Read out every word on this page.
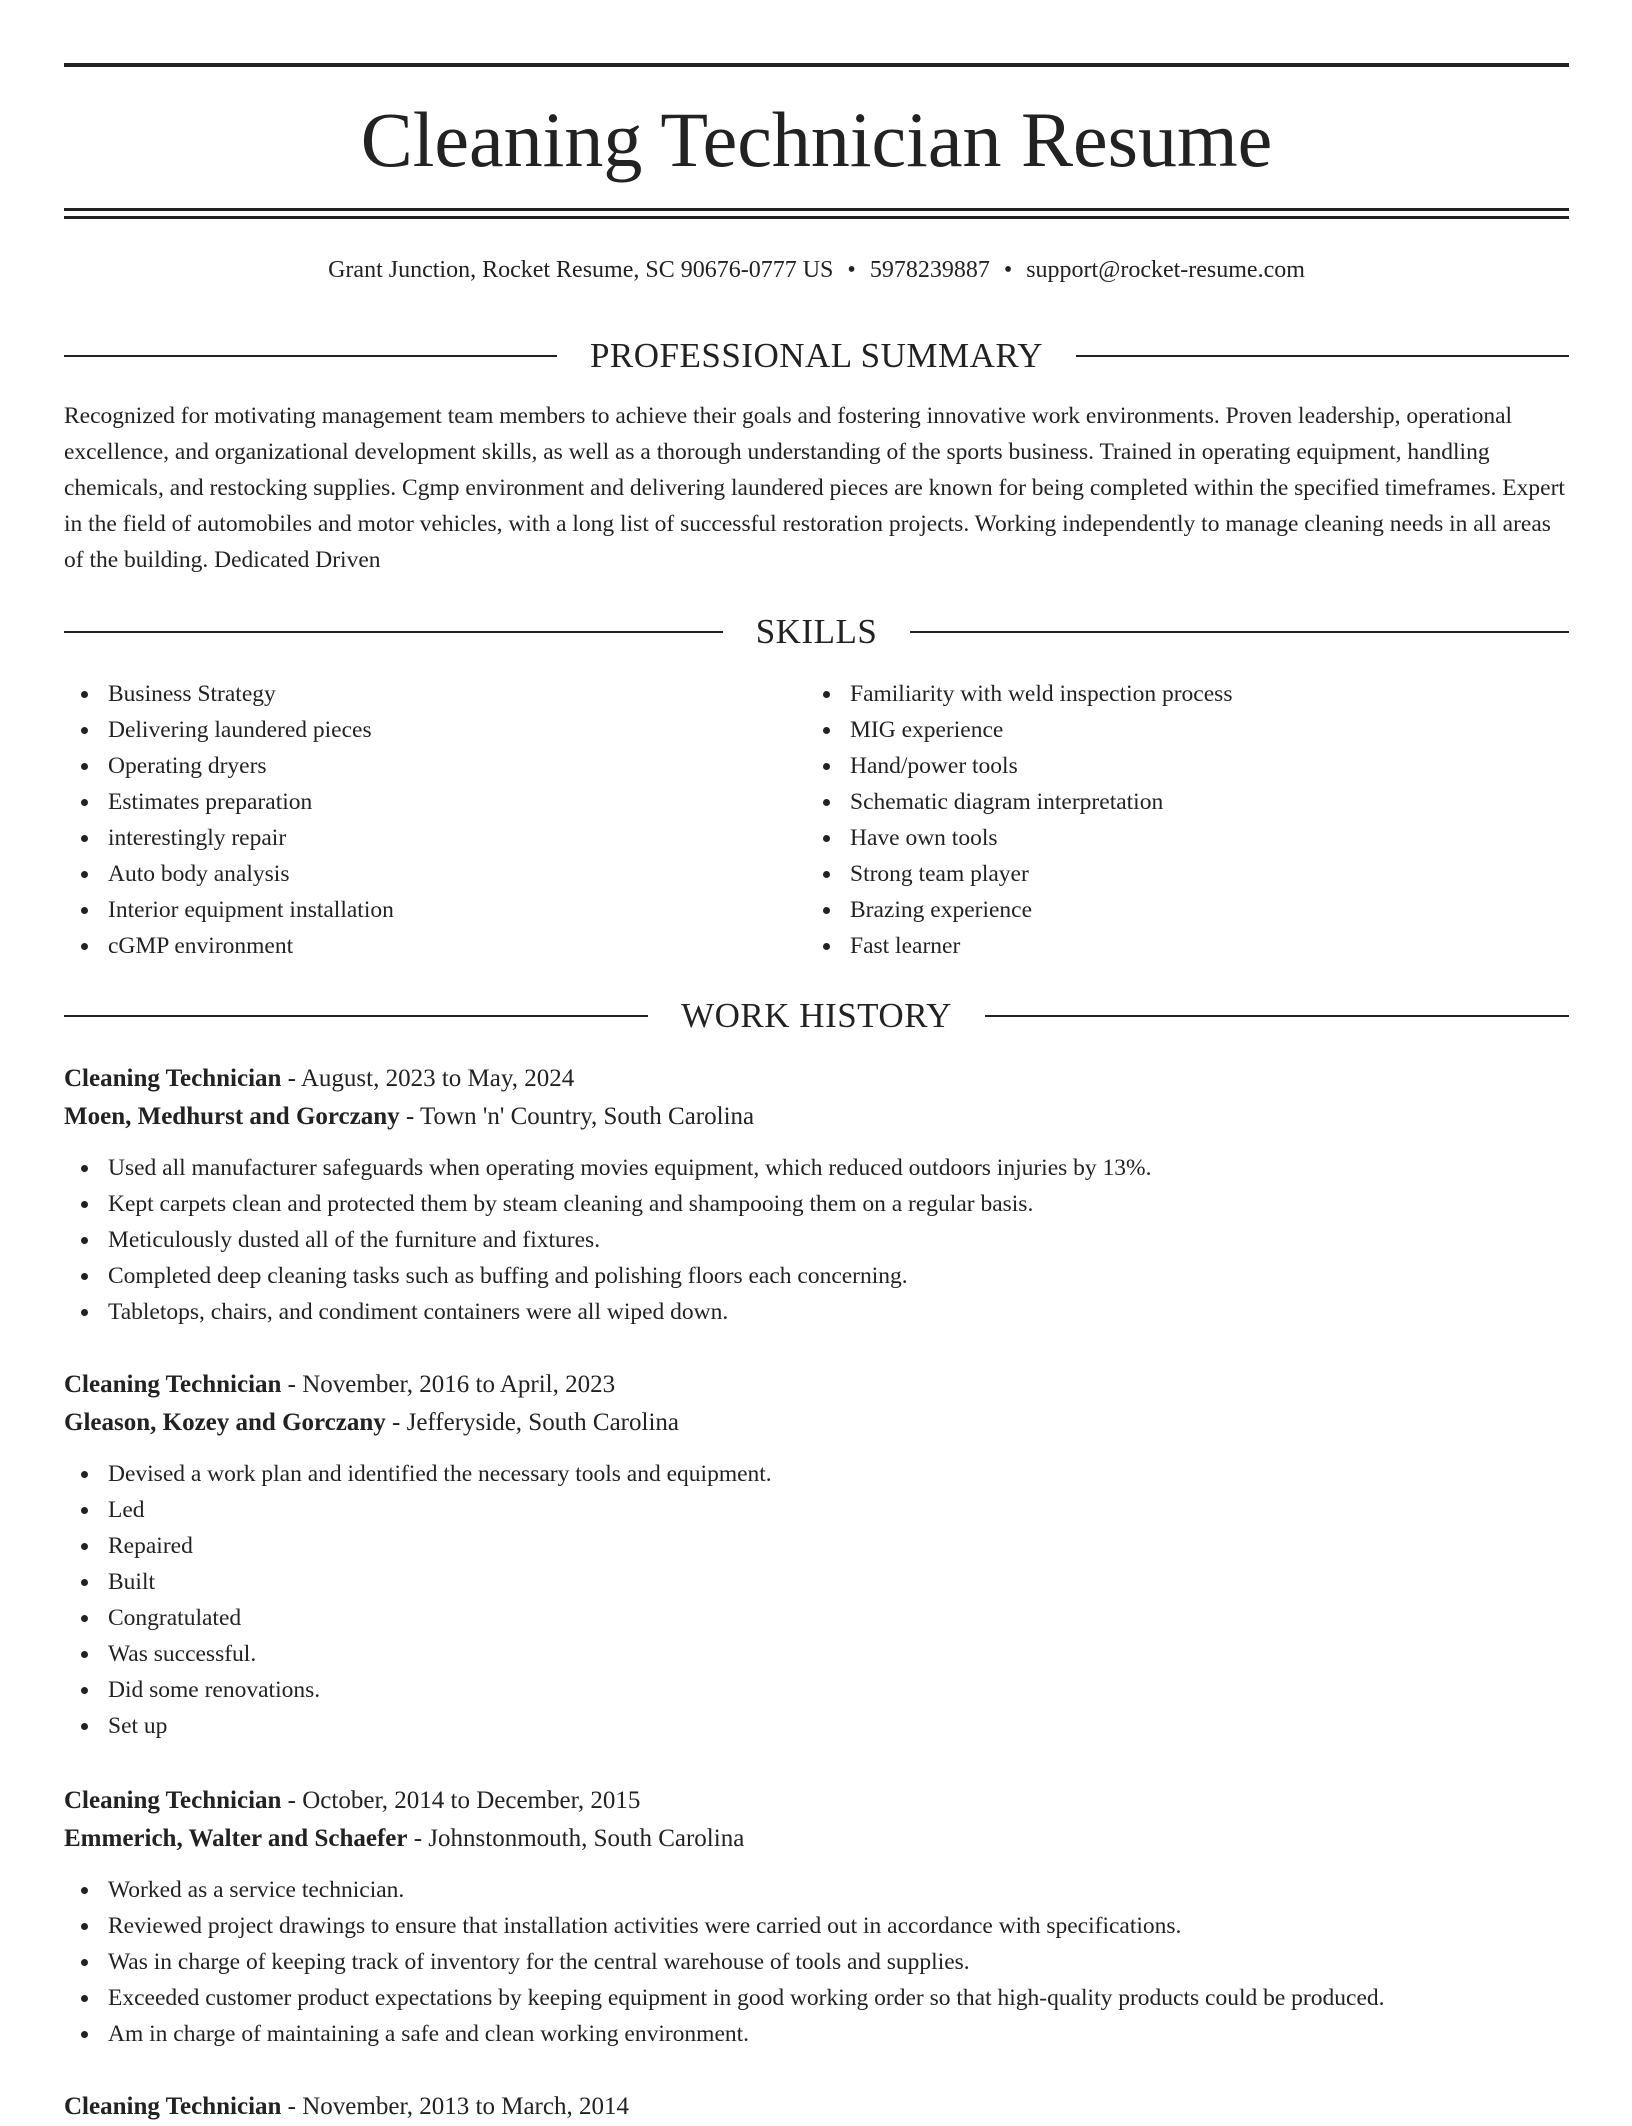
Cleaning Technician Resume
Grant Junction, Rocket Resume, SC 90676-0777 US • 5978239887 • support@rocket-resume.com
PROFESSIONAL SUMMARY

Recognized for motivating management team members to achieve their goals and fostering innovative work environments. Proven leadership, operational excellence, and organizational development skills, as well as a thorough understanding of the sports business. Trained in operating equipment, handling chemicals, and restocking supplies. Cgmp environment and delivering laundered pieces are known for being completed within the specified timeframes. Expert in the field of automobiles and motor vehicles, with a long list of successful restoration projects. Working independently to manage cleaning needs in all areas of the building. Dedicated Driven

SKILLS
Business Strategy
Delivering laundered pieces
Operating dryers
Estimates preparation
interestingly repair
Auto body analysis
Interior equipment installation
cGMP environment
Familiarity with weld inspection process
MIG experience
Hand/power tools
Schematic diagram interpretation
Have own tools
Strong team player
Brazing experience
Fast learner
WORK HISTORY

Cleaning Technician - August, 2023 to May, 2024

Moen, Medhurst and Gorczany - Town 'n' Country, South Carolina

Used all manufacturer safeguards when operating movies equipment, which reduced outdoors injuries by 13%.
Kept carpets clean and protected them by steam cleaning and shampooing them on a regular basis.
Meticulously dusted all of the furniture and fixtures.
Completed deep cleaning tasks such as buffing and polishing floors each concerning.
Tabletops, chairs, and condiment containers were all wiped down.

Cleaning Technician - November, 2016 to April, 2023

Gleason, Kozey and Gorczany - Jefferyside, South Carolina

Devised a work plan and identified the necessary tools and equipment.
Led
Repaired
Built
Congratulated
Was successful.
Did some renovations.
Set up

Cleaning Technician - October, 2014 to December, 2015

Emmerich, Walter and Schaefer - Johnstonmouth, South Carolina

Worked as a service technician.
Reviewed project drawings to ensure that installation activities were carried out in accordance with specifications.
Was in charge of keeping track of inventory for the central warehouse of tools and supplies.
Exceeded customer product expectations by keeping equipment in good working order so that high-quality products could be produced.
Am in charge of maintaining a safe and clean working environment.

Cleaning Technician - November, 2013 to March, 2014
